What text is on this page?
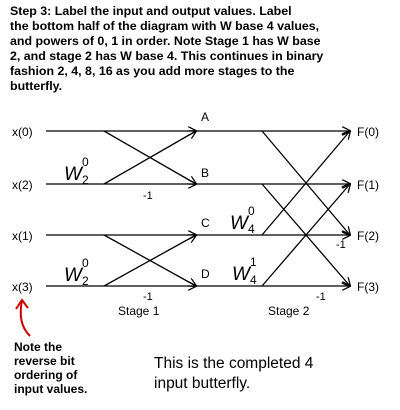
Step 3: Label the input and output values. Label
the bottom half of the diagram with W base 4 values,
and powers of 0, 1 in order. Note Stage 1 has W base
2, and stage 2 has W base 4. This continues in binary
fashion 2, 4, 8, 16 as you add more stages to the
butterfly.
x(0)
x(2)
x(1)
x(3)
A
B
C
D
F(0)
F(1)
F(2)
F(3)
W
0
2
W
0
2
W
0
4
W
1
4
-1
-1
-1
-1
Stage 1	Stage 2
Note the
reverse bit
ordering of
input values.
This is the completed 4
input butterfly.
